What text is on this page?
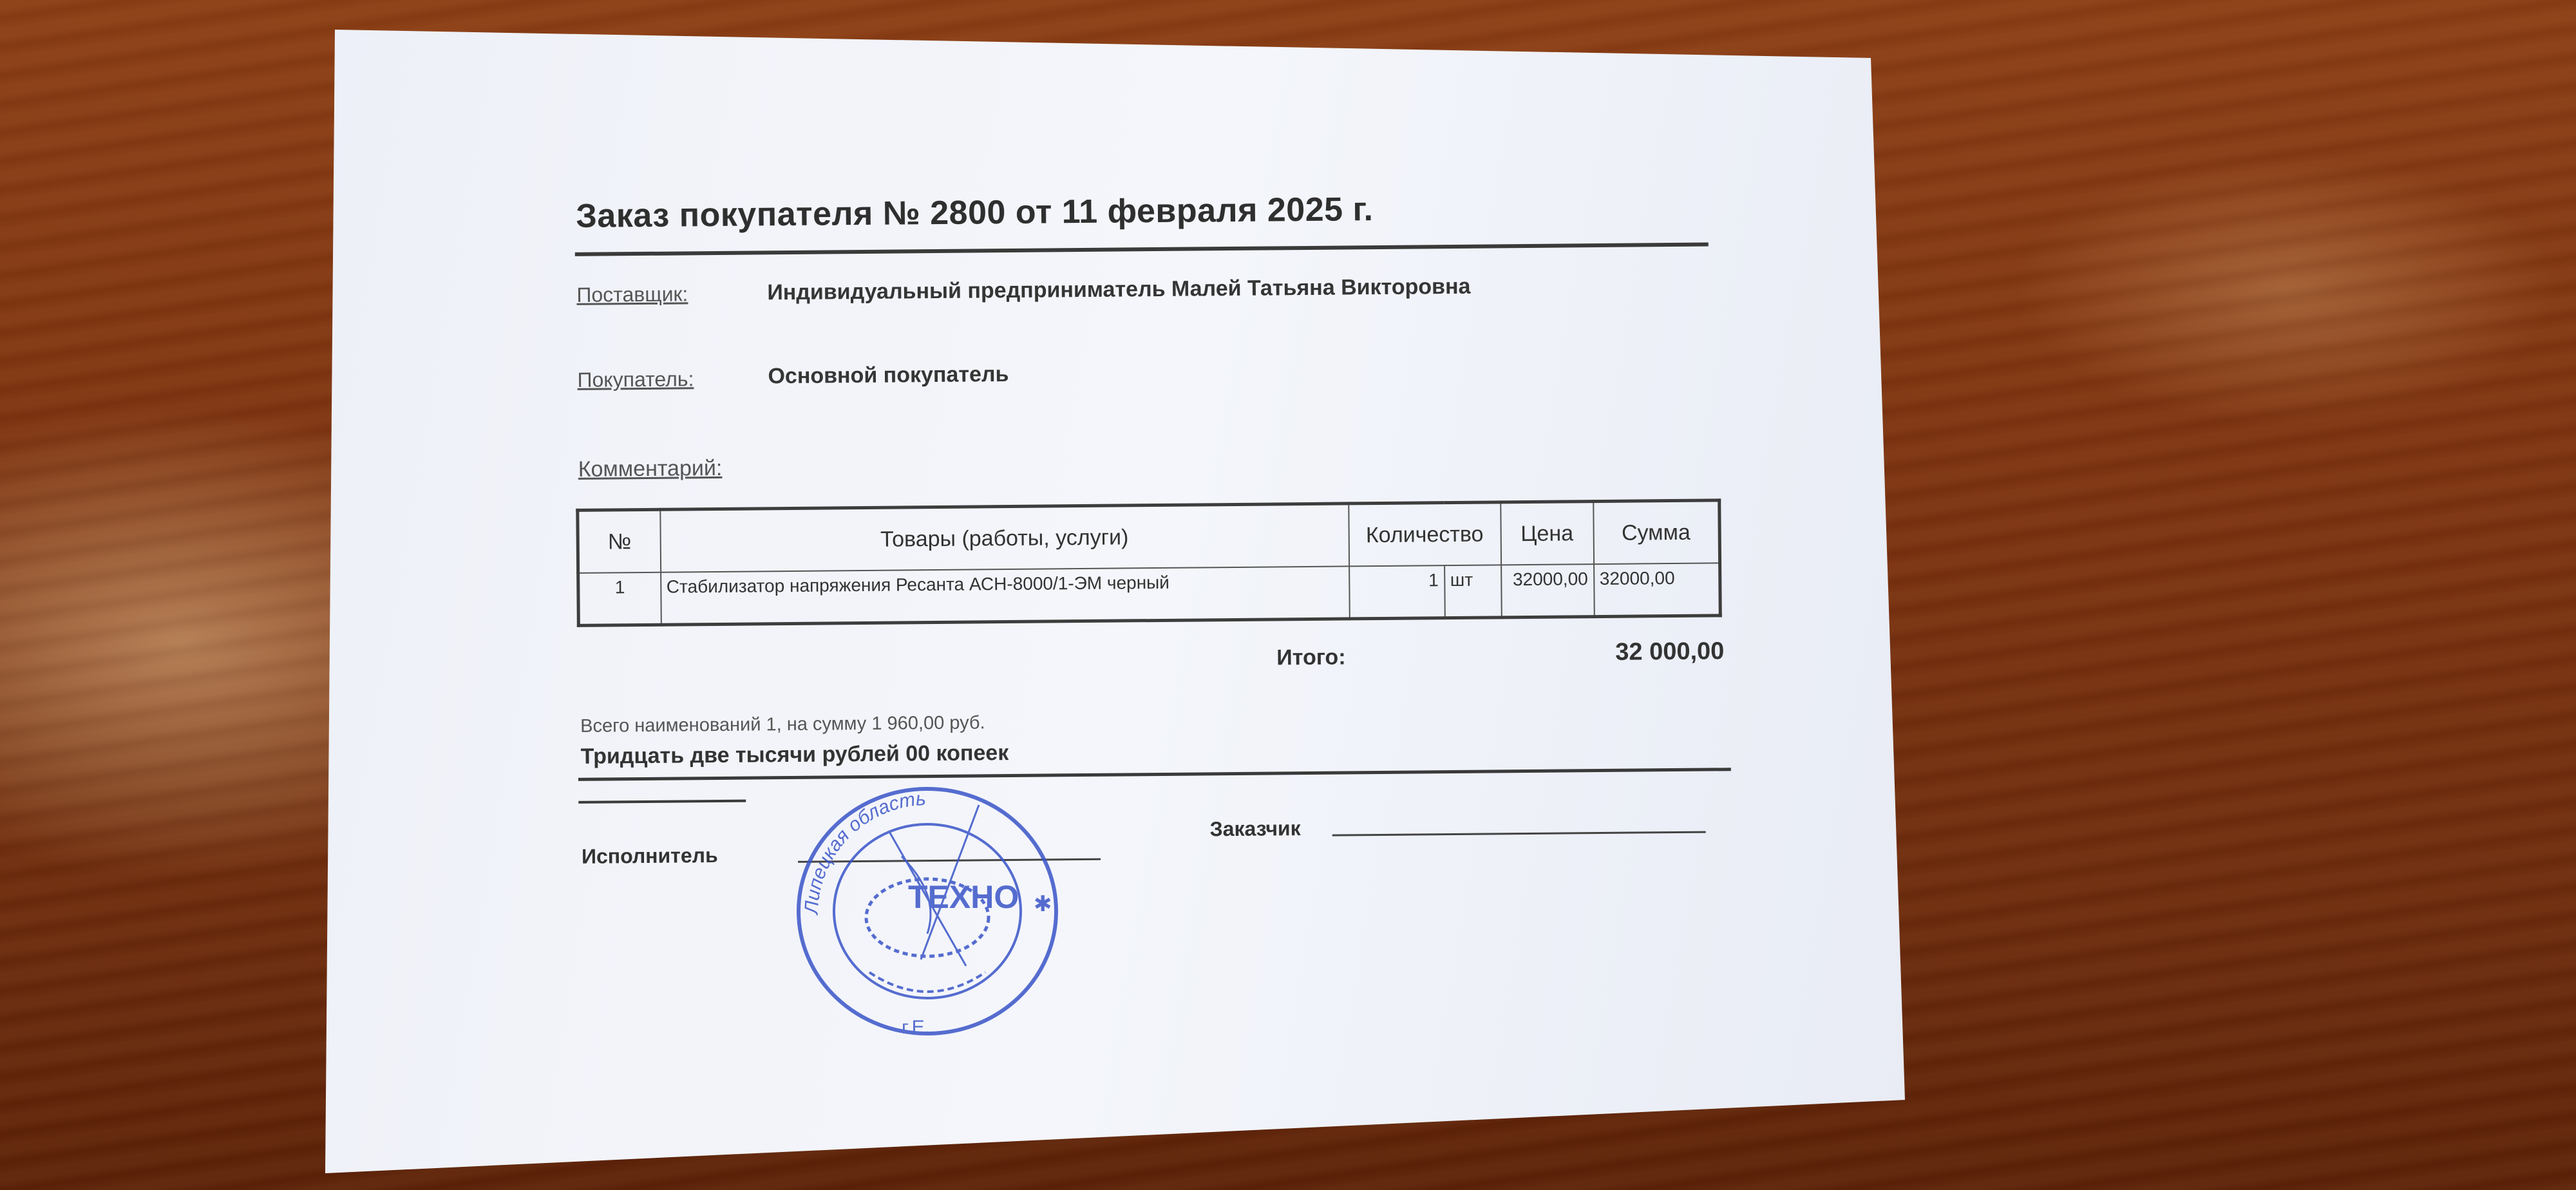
Заказ покупателя № 2800 от 11 февраля 2025 г.
Поставщик:	Индивидуальный предприниматель Малей Татьяна Викторовна
Покупатель:	Основной покупатель
Комментарий:
№	Товары (работы, услуги)	Количество		Цена	Сумма
1	Стабилизатор напряжения Ресанта АСН-8000/1-ЭМ черный	1	шт	32000,00	32000,00
Итого:	32 000,00
Всего наименований 1, на сумму 1 960,00 руб.
Тридцать две тысячи рублей 00 копеек
Исполнитель
Заказчик
Липецкая область
ТЕХНО
г.Е...
✱
